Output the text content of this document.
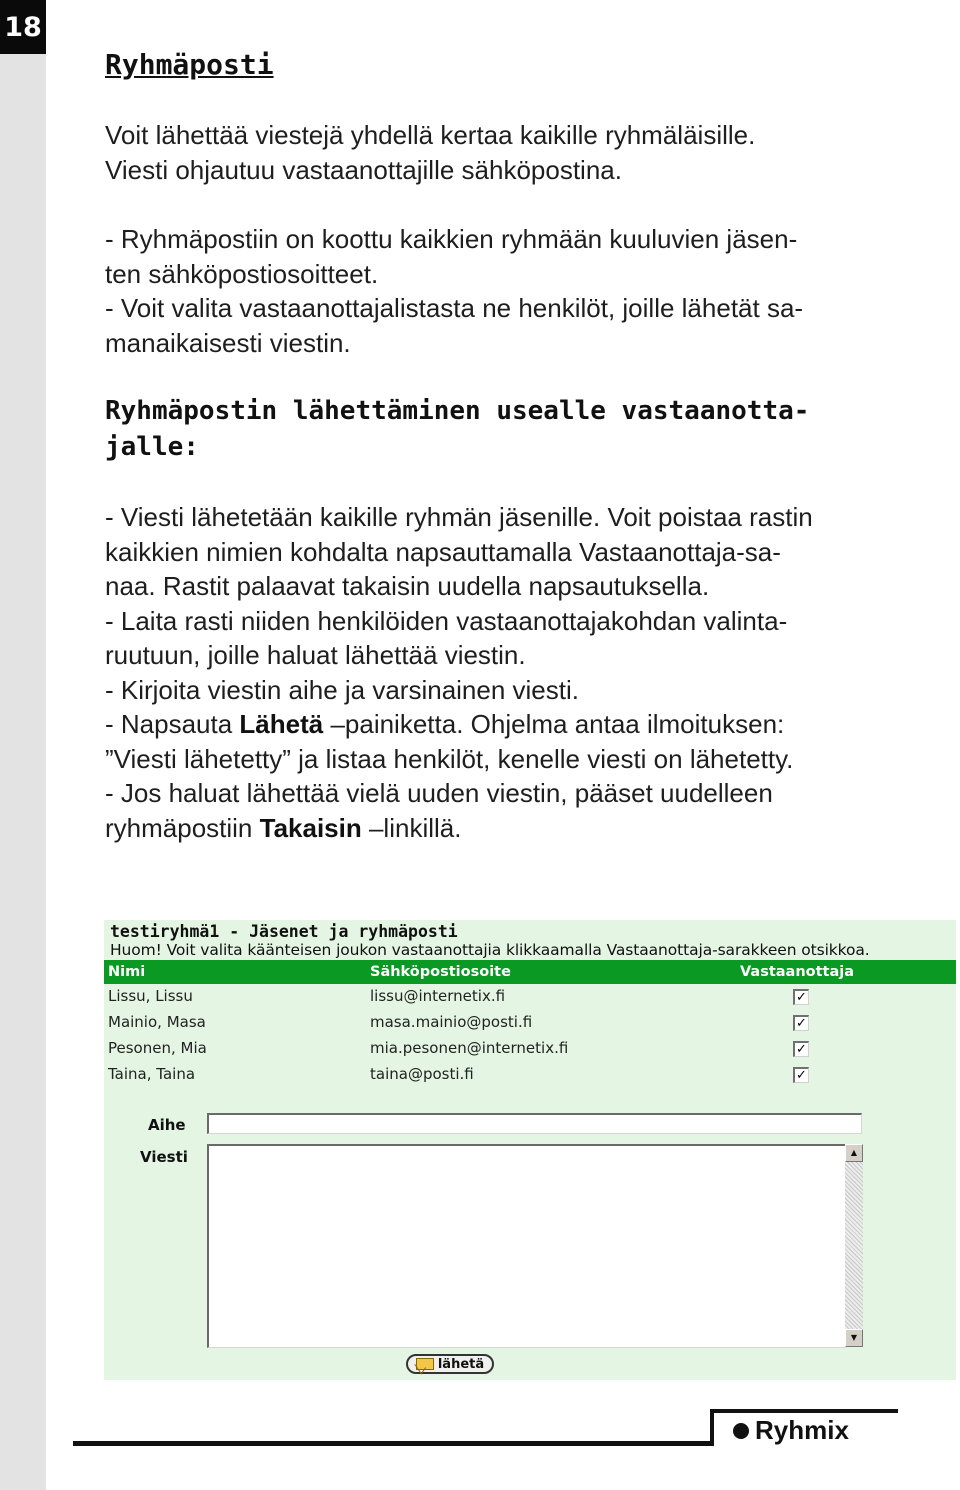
18
Ryhmäposti
Voit lähettää viestejä yhdellä kertaa kaikille ryhmäläisille.
Viesti ohjautuu vastaanottajille sähköpostina.
- Ryhmäpostiin on koottu kaikkien ryhmään kuuluvien jäsen-
ten sähköpostiosoitteet.
- Voit valita vastaanottajalistasta ne henkilöt, joille lähetät sa-
manaikaisesti viestin.
Ryhmäpostin lähettäminen usealle vastaanotta-
jalle:
- Viesti lähetetään kaikille ryhmän jäsenille. Voit poistaa rastin
kaikkien nimien kohdalta napsauttamalla Vastaanottaja-sa-
naa. Rastit palaavat takaisin uudella napsautuksella.
- Laita rasti niiden henkilöiden vastaanottajakohdan valinta-
ruutuun, joille haluat lähettää viestin.
- Kirjoita viestin aihe ja varsinainen viesti.
- Napsauta Lähetä –painiketta. Ohjelma antaa ilmoituksen:
”Viesti lähetetty” ja listaa henkilöt, kenelle viesti on lähetetty.
- Jos haluat lähettää vielä uuden viestin, pääset uudelleen
ryhmäpostiin Takaisin –linkillä.
testiryhmä1 - Jäsenet ja ryhmäposti
Huom! Voit valita käänteisen joukon vastaanottajia klikkaamalla Vastaanottaja-sarakkeen otsikkoa.
Nimi	Sähköpostiosoite	Vastaanottaja
Lissu, Lissu	lissu@internetix.fi	✓
Mainio, Masa	masa.mainio@posti.fi	✓
Pesonen, Mia	mia.pesonen@internetix.fi	✓
Taina, Taina	taina@posti.fi	✓
Aihe
Viesti	▲
▼
lähetä
Ryhmix
